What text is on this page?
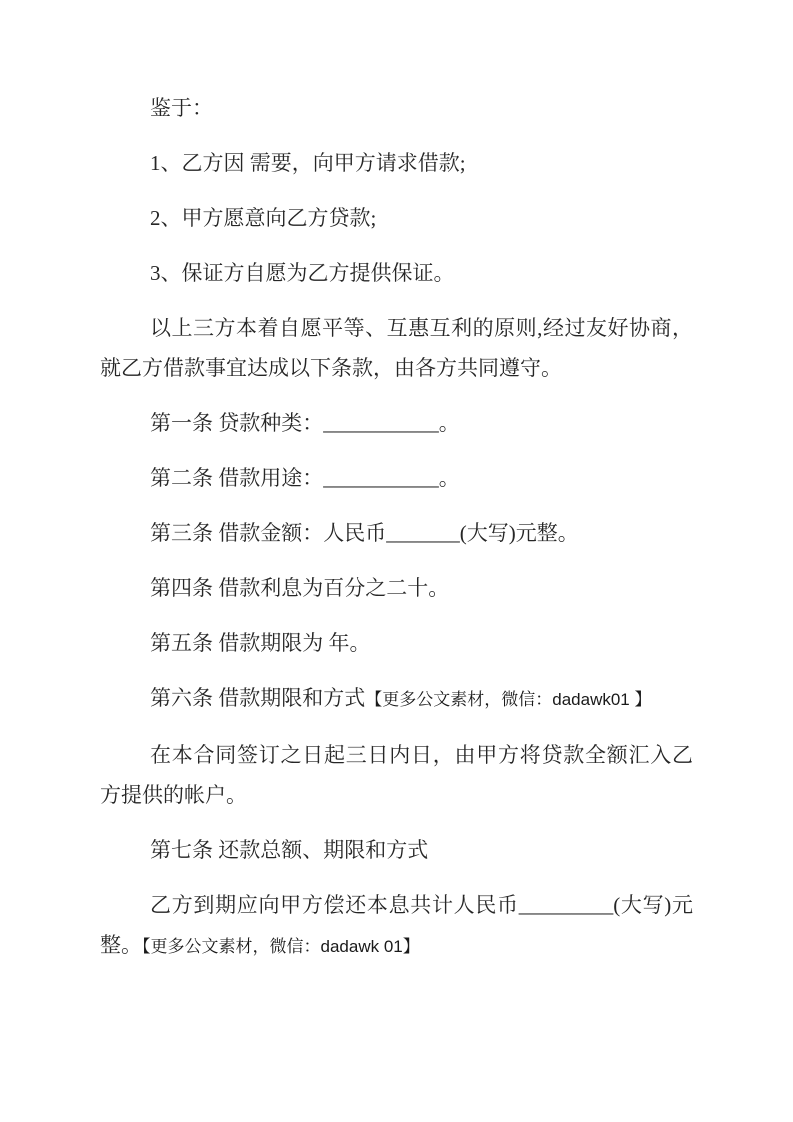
鉴于：

1、乙方因 需要，向甲方请求借款;

2、甲方愿意向乙方贷款;

3、保证方自愿为乙方提供保证。

以上三方本着自愿平等、互惠互利的原则,经过友好协商，就乙方借款事宜达成以下条款，由各方共同遵守。

第一条 贷款种类：___________。

第二条 借款用途：___________。

第三条 借款金额：人民币_______(大写)元整。

第四条 借款利息为百分之二十。

第五条 借款期限为 年。

第六条 借款期限和方式【更多公文素材，微信：dadawk01 】

在本合同签订之日起三日内日，由甲方将贷款全额汇入乙方提供的帐户。

第七条 还款总额、期限和方式

乙方到期应向甲方偿还本息共计人民币_________(大写)元整。【更多公文素材，微信：dadawk 01】
